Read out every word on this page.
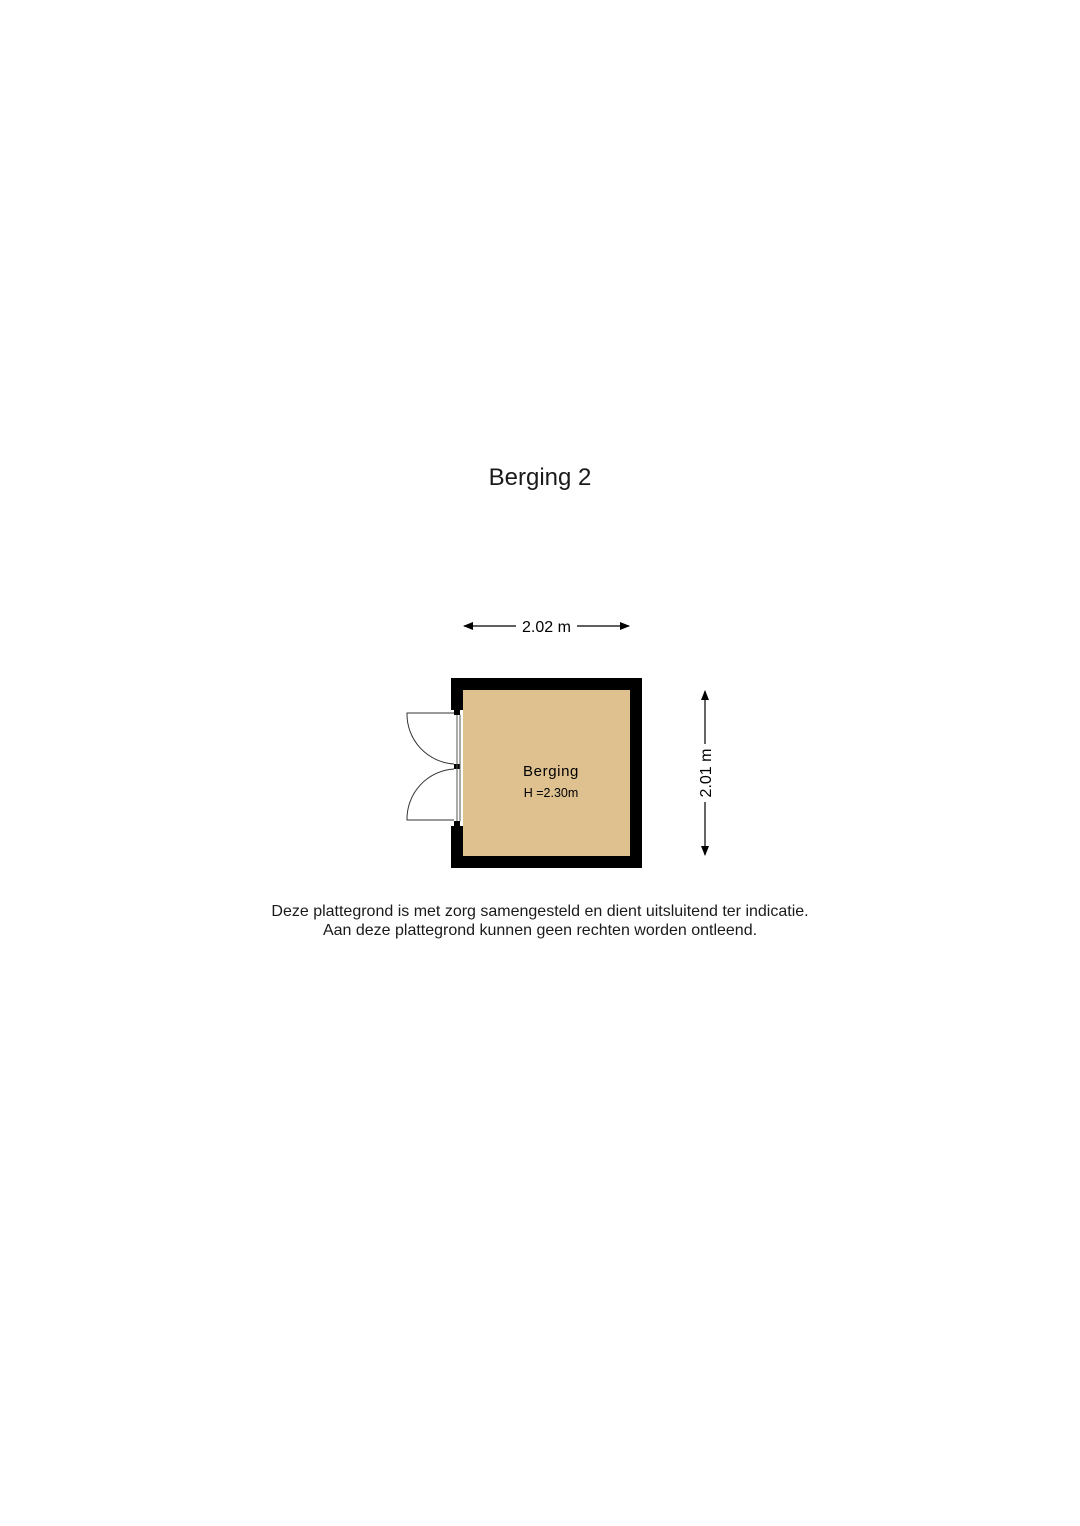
Berging 2
2.02 m
2.01 m
Berging
H =2.30m
Deze plattegrond is met zorg samengesteld en dient uitsluitend ter indicatie.
Aan deze plattegrond kunnen geen rechten worden ontleend.
